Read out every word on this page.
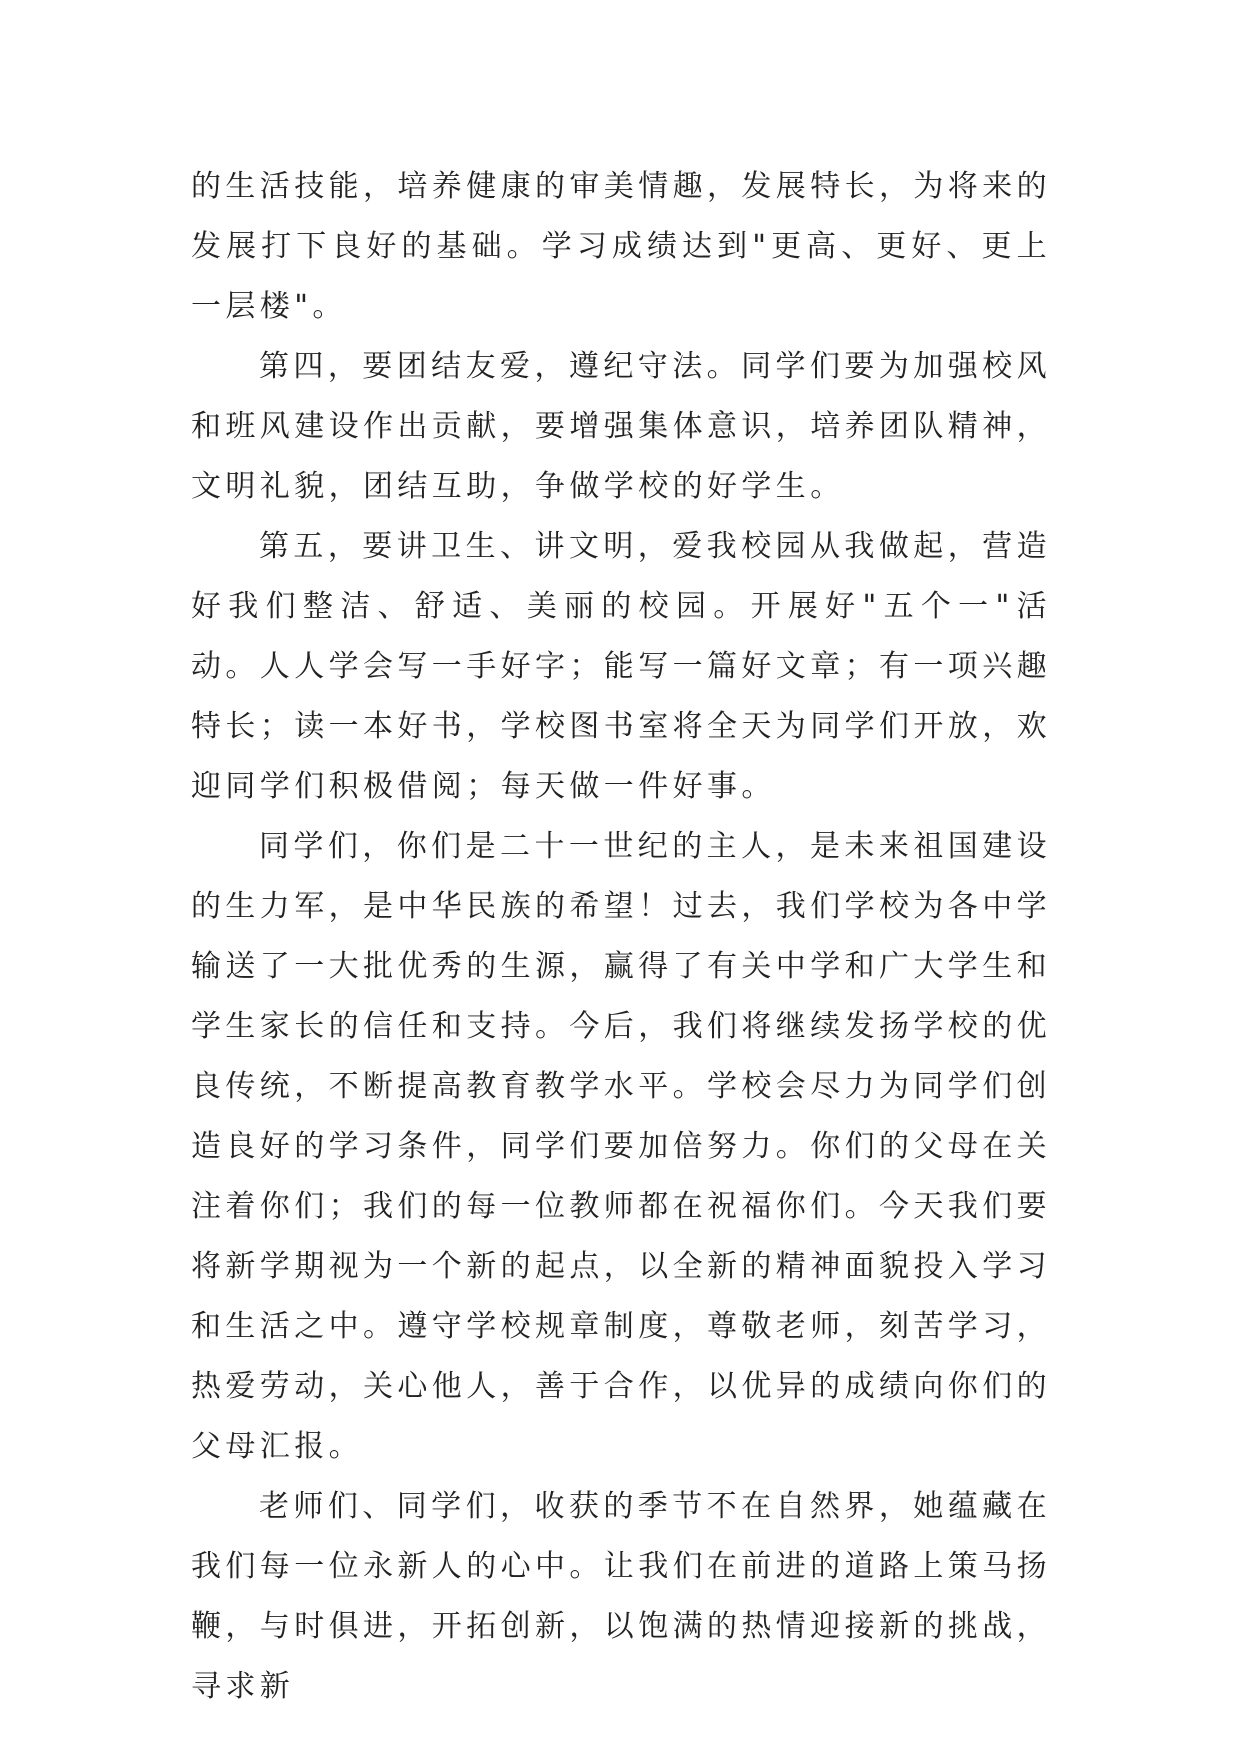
的生活技能，培养健康的审美情趣，发展特长，为将来的发展打下良好的基础。学习成绩达到"更高、更好、更上一层楼"。

第四，要团结友爱，遵纪守法。同学们要为加强校风和班风建设作出贡献，要增强集体意识，培养团队精神，文明礼貌，团结互助，争做学校的好学生。

第五，要讲卫生、讲文明，爱我校园从我做起，营造好我们整洁、舒适、美丽的校园。开展好"五个一"活动。人人学会写一手好字；能写一篇好文章；有一项兴趣特长；读一本好书，学校图书室将全天为同学们开放，欢迎同学们积极借阅；每天做一件好事。

同学们，你们是二十一世纪的主人，是未来祖国建设的生力军，是中华民族的希望！过去，我们学校为各中学输送了一大批优秀的生源，赢得了有关中学和广大学生和学生家长的信任和支持。今后，我们将继续发扬学校的优良传统，不断提高教育教学水平。学校会尽力为同学们创造良好的学习条件，同学们要加倍努力。你们的父母在关注着你们；我们的每一位教师都在祝福你们。今天我们要将新学期视为一个新的起点，以全新的精神面貌投入学习和生活之中。遵守学校规章制度，尊敬老师，刻苦学习，热爱劳动，关心他人，善于合作，以优异的成绩向你们的父母汇报。

老师们、同学们，收获的季节不在自然界，她蕴藏在我们每一位永新人的心中。让我们在前进的道路上策马扬鞭，与时俱进，开拓创新，以饱满的热情迎接新的挑战，寻求新
